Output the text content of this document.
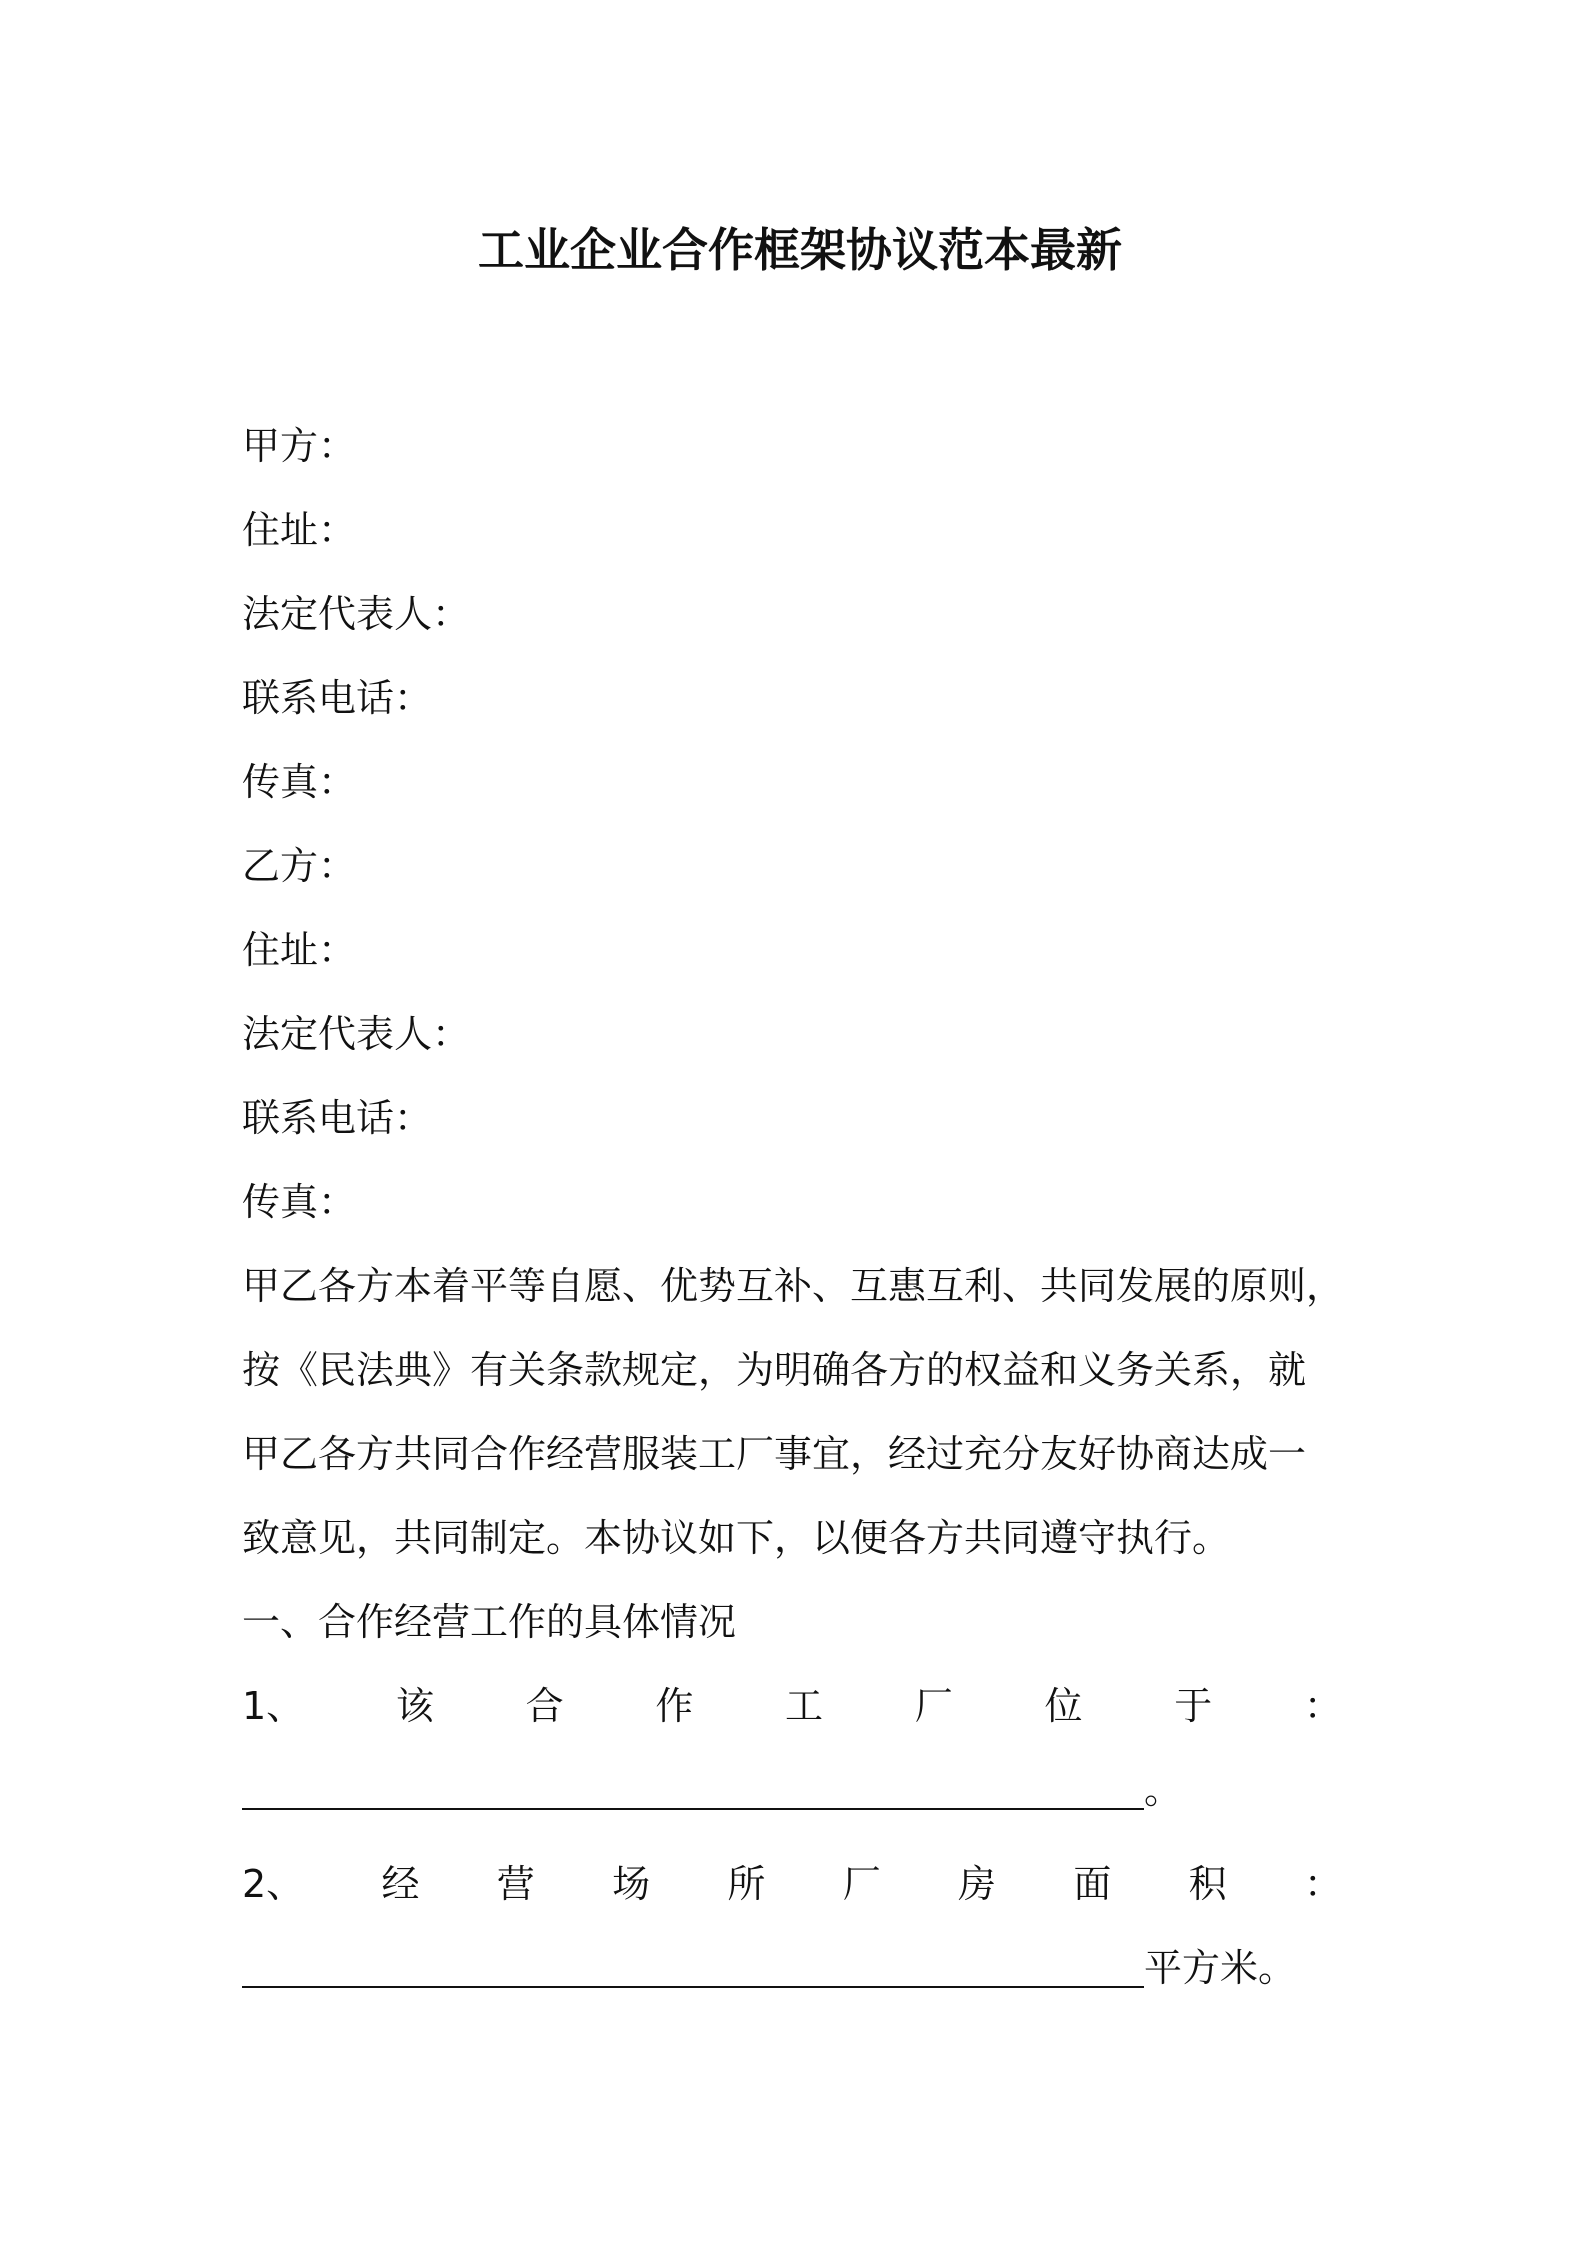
工业企业合作框架协议范本最新
甲方：
住址：
法定代表人：
联系电话：
传真：
乙方：
住址：
法定代表人：
联系电话：
传真：
甲乙各方本着平等自愿、优势互补、互惠互利、共同发展的原则，
按《民法典》有关条款规定，为明确各方的权益和义务关系，就
甲乙各方共同合作经营服装工厂事宜，经过充分友好协商达成一
致意见，共同制定。本协议如下，以便各方共同遵守执行。
一、合作经营工作的具体情况
1、 该 合 作 工 厂 位 于 ：
。
2、 经 营 场 所 厂 房 面 积 ：
平方米。
